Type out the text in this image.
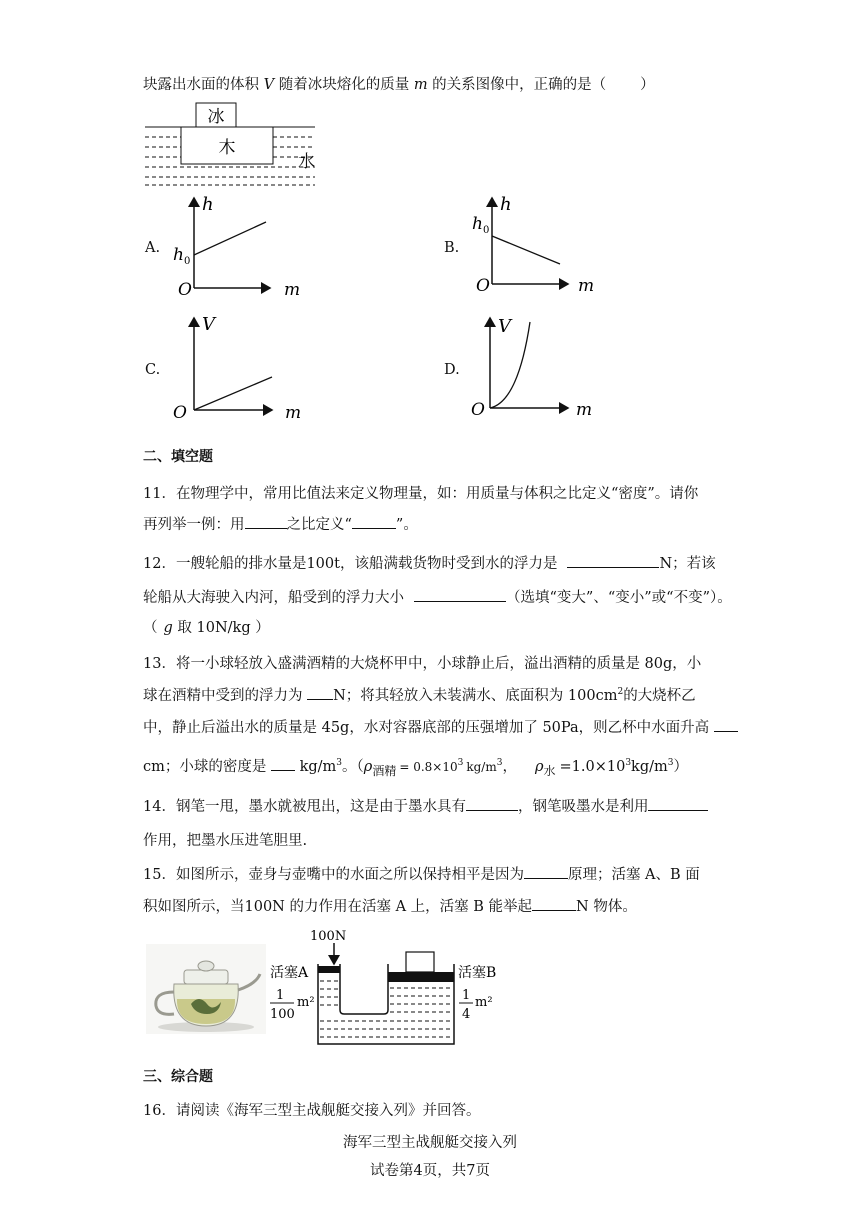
块露出水面的体积 V 随着冰块熔化的质量 m 的关系图像中，正确的是（ ）
冰
木
水
A.
h
h 0
O	m
B.
h
h 0
O	m
C.
V
O	m
D.
V
O	m
二、填空题
11．在物理学中，常用比值法来定义物理量，如：用质量与体积之比定义“密度”。请你
再列举一例：用	之比定义“	”。
12．一艘轮船的排水量是100t，该船满载货物时受到水的浮力是	N；若该
轮船从大海驶入内河，船受到的浮力大小	（选填“变大”、“变小”或“不变”）。
（ g 取 10N/kg ）
13．将一小球轻放入盛满酒精的大烧杯甲中，小球静止后，溢出酒精的质量是 80g，小
球在酒精中受到的浮力为 N；将其轻放入未装满水、底面积为 $100cm^2$的大烧杯乙
中，静止后溢出水的质量是 45g，水对容器底部的压强增加了 50Pa，则乙杯中水面升高
cm；小球的密度是 $kg/m^3$。（$\rho_{酒精} = 0.8\times 10^3$ $kg/m^3$， $\rho_水 =1.0\times 10^3kg/m^3$）
14．钢笔一甩，墨水就被甩出，这是由于墨水具有	，钢笔吸墨水是利用
作用，把墨水压进笔胆里.
15．如图所示，壶身与壶嘴中的水面之所以保持相平是因为	原理；活塞 A、B 面
积如图所示，当100N 的力作用在活塞 A 上，活塞 B 能举起	N 物体。
100N
活塞A
1
100
m²
活塞B
1
4
m²
三、综合题
16．请阅读《海军三型主战舰艇交接入列》并回答。
海军三型主战舰艇交接入列
试卷第4页，共7页
